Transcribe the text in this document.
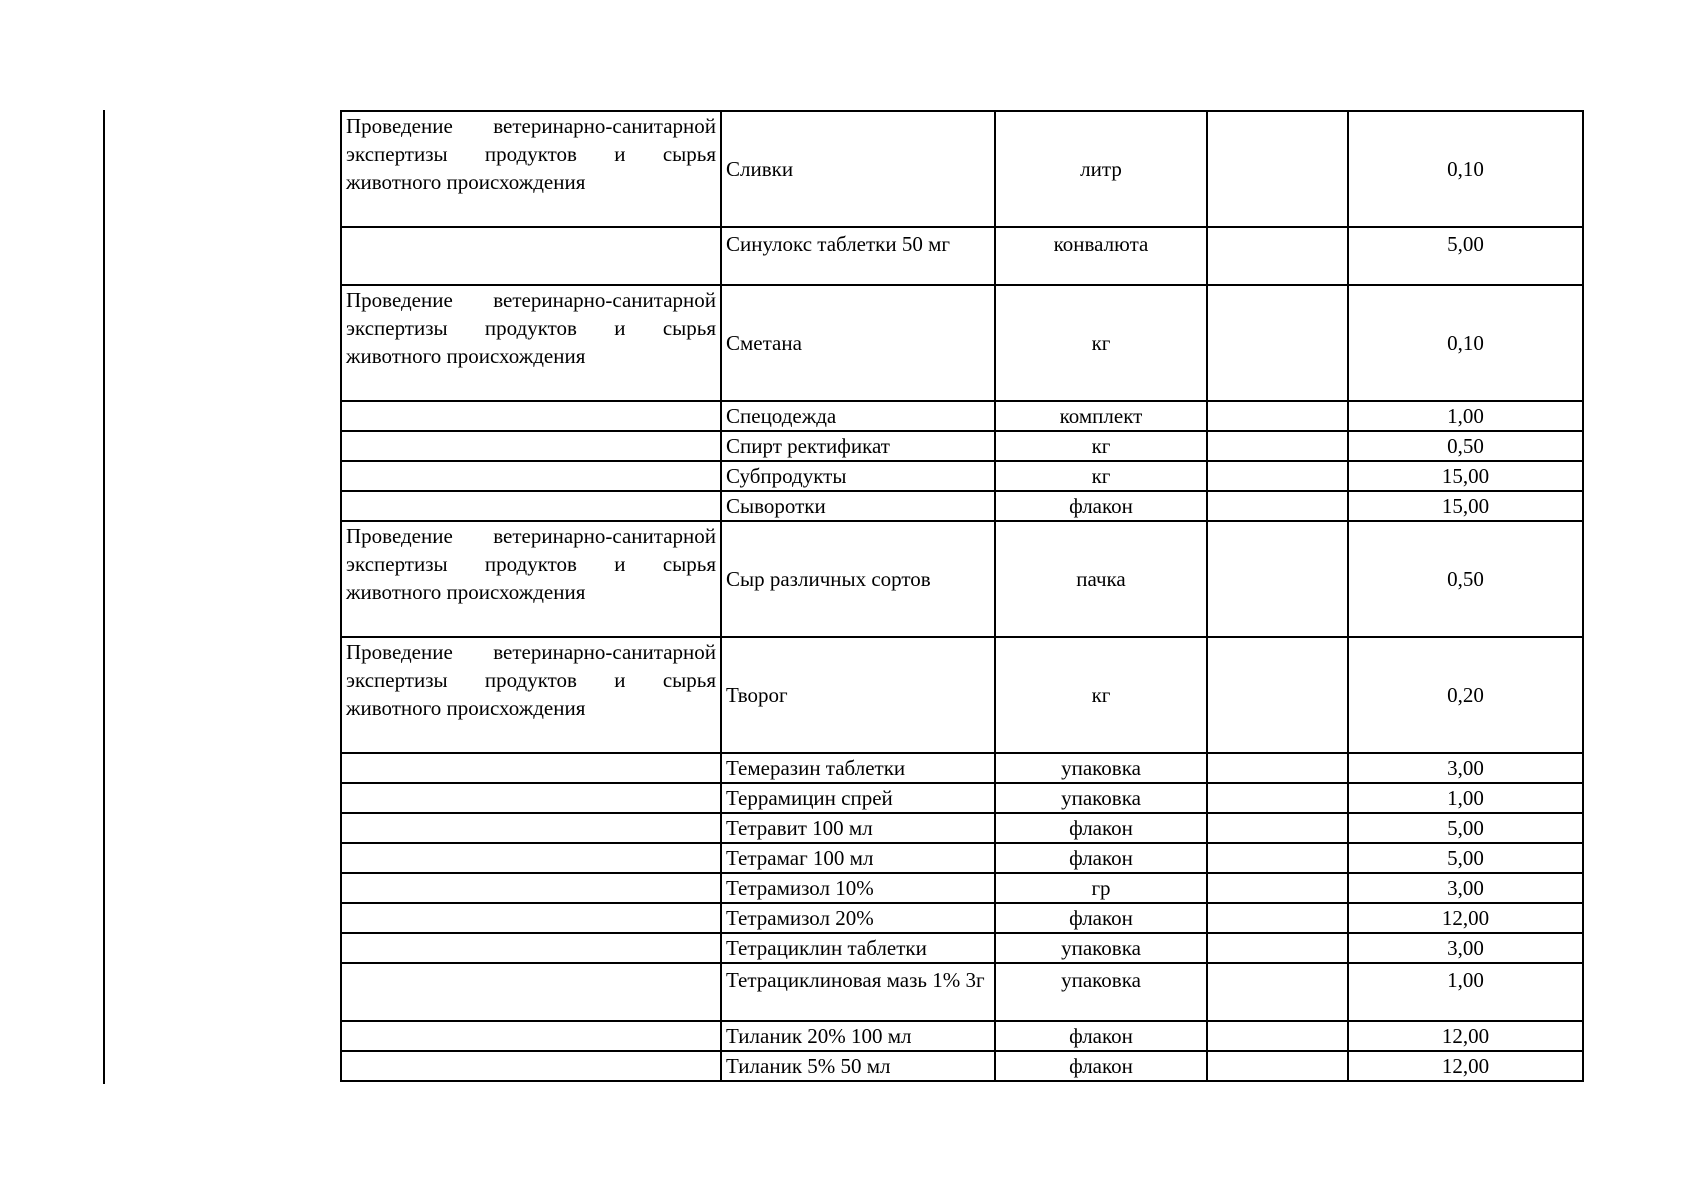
Проведение ветеринарно-санитарной экспертизы продуктов и сырья животного происхождения	Сливки	литр		0,10

	Синулокс таблетки 50 мг	конвалюта		5,00

Проведение ветеринарно-санитарной экспертизы продуктов и сырья животного происхождения	Сметана	кг		0,10

	Спецодежда	комплект		1,00

	Спирт ректификат	кг		0,50

	Субпродукты	кг		15,00

	Сыворотки	флакон		15,00

Проведение ветеринарно-санитарной экспертизы продуктов и сырья животного происхождения	Сыр различных сортов	пачка		0,50

Проведение ветеринарно-санитарной экспертизы продуктов и сырья животного происхождения	Творог	кг		0,20

	Темеразин таблетки	упаковка		3,00

	Террамицин спрей	упаковка		1,00

	Тетравит 100 мл	флакон		5,00

	Тетрамаг 100 мл	флакон		5,00

	Тетрамизол 10%	гр		3,00

	Тетрамизол 20%	флакон		12,00

	Тетрациклин таблетки	упаковка		3,00

	Тетрациклиновая мазь 1% 3г	упаковка		1,00

	Тиланик 20% 100 мл	флакон		12,00

	Тиланик 5% 50 мл	флакон		12,00
